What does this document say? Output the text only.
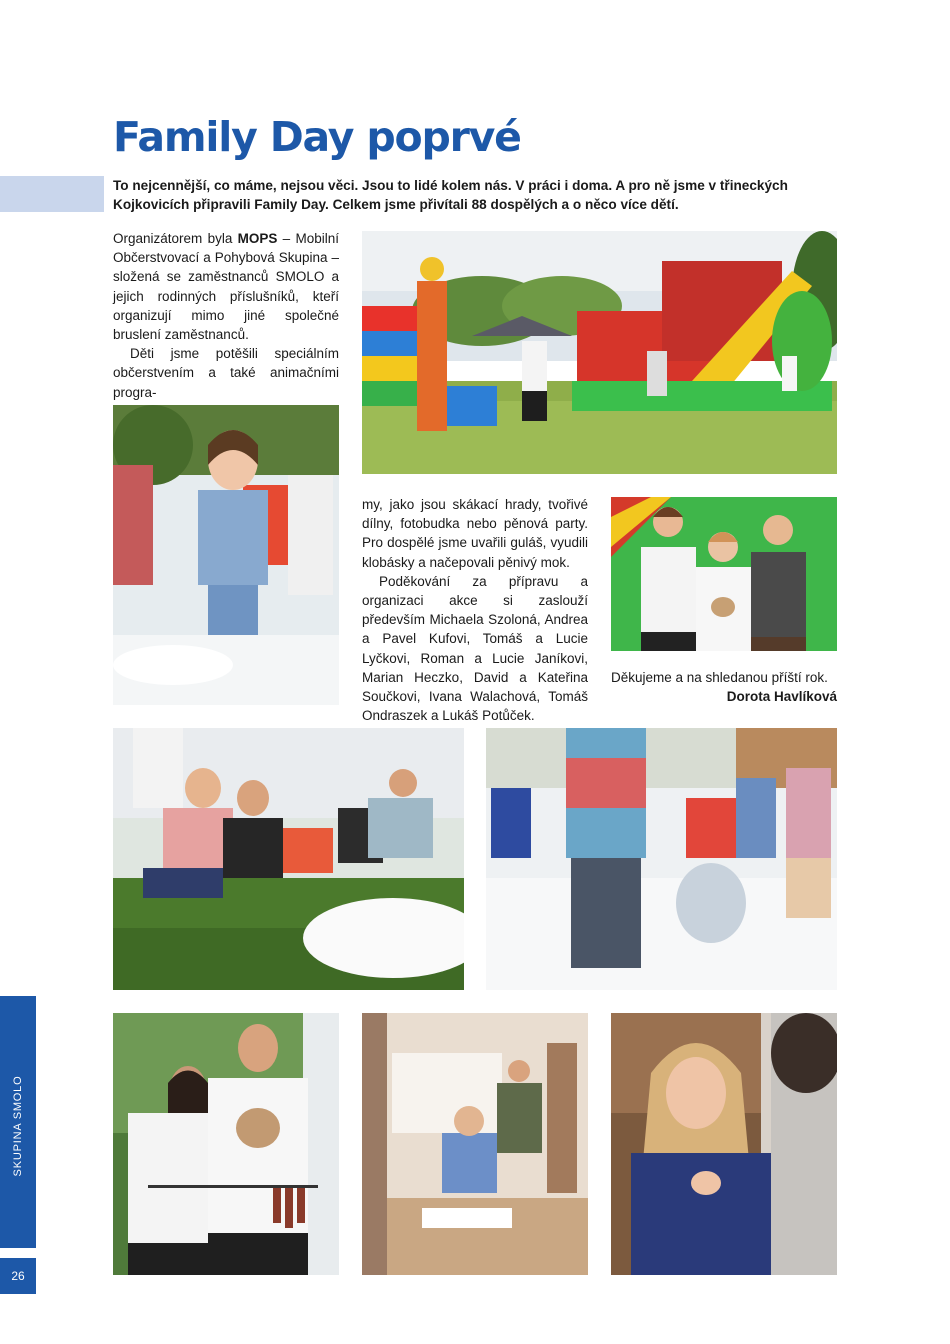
Family Day poprvé
To nejcennější, co máme, nejsou věci. Jsou to lidé kolem nás. V práci i doma. A pro ně jsme v třineckých Kojkovicích připravili Family Day. Celkem jsme přivítali 88 dospělých a o něco více dětí.

Organizátorem byla MOPS – Mobilní Občerstvovací a Pohybová Skupina – složená se zaměstnanců SMOLO a jejich rodinných příslušníků, kteří organizují mimo jiné společné bruslení zaměstnanců.

Děti jsme potěšili speciálním občerstvením a také animačními progra-

my, jako jsou skákací hrady, tvořivé dílny, fotobudka nebo pěnová party. Pro dospělé jsme uvařili guláš, vyudili klobásky a načepovali pěnivý mok.

Poděkování za přípravu a organizaci akce si zaslouží především Michaela Szoloná, Andrea a Pavel Kufovi, Tomáš a Lucie Lyčkovi, Roman a Lucie Janíkovi, Marian Heczko, David a Kateřina Součkovi, Ivana Walachová, Tomáš Ondraszek a Lukáš Potůček.

Děkujeme a na shledanou příští rok.
Dorota Havlíková
SKUPINA SMOLO
26
